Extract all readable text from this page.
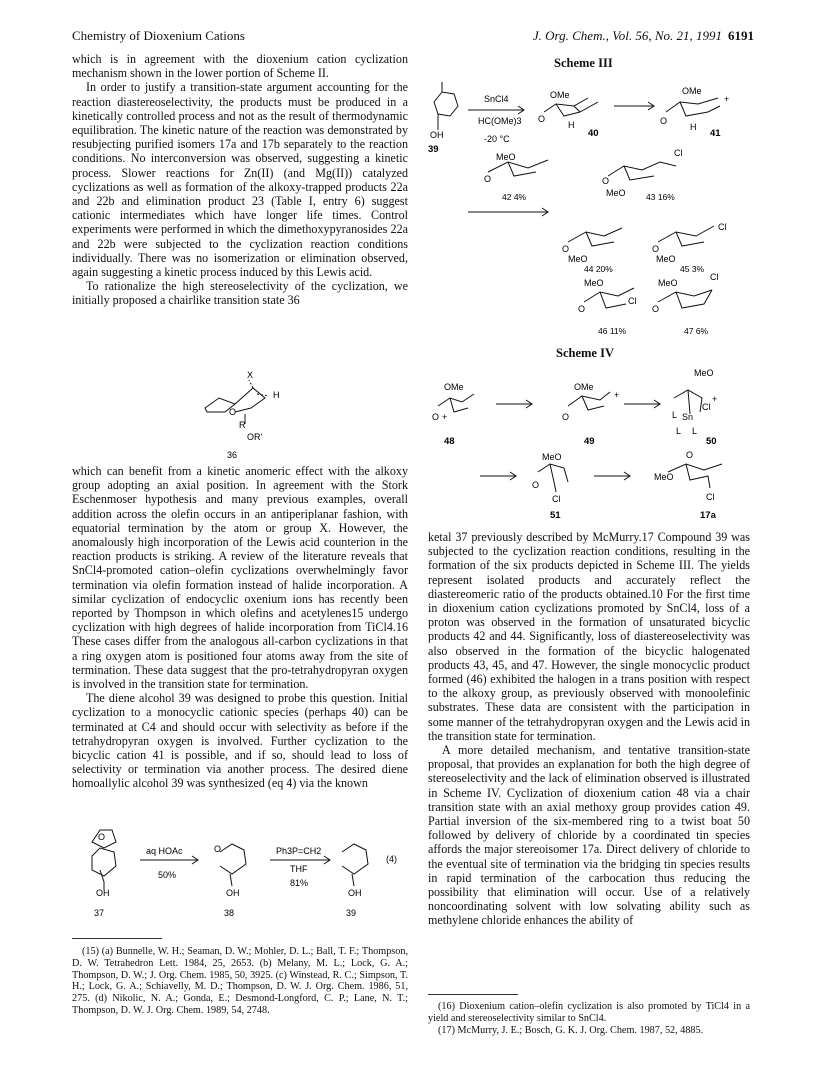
Chemistry of Dioxenium Cations	J. Org. Chem., Vol. 56, No. 21, 1991 6191

which is in agreement with the dioxenium cation cyclization mechanism shown in the lower portion of Scheme II.

In order to justify a transition-state argument accounting for the reaction diastereoselectivity, the products must be produced in a kinetically controlled process and not as the result of thermodynamic equilibration. The kinetic nature of the reaction was demonstrated by resubjecting purified isomers 17a and 17b separately to the reaction conditions. No interconversion was observed, suggesting a kinetic process. Slower reactions for Zn(II) (and Mg(II)) catalyzed cyclizations as well as formation of the alkoxy-trapped products 22a and 22b and elimination product 23 (Table I, entry 6) suggest cationic intermediates which have longer life times. Control experiments were performed in which the dimethoxypyranosides 22a and 22b were subjected to the cyclization reaction conditions individually. There was no isomerization or elimination observed, again suggesting a kinetic process induced by this Lewis acid.

To rationalize the high stereoselectivity of the cyclization, we initially proposed a chairlike transition state 36

X
H
O
R
OR'
36

which can benefit from a kinetic anomeric effect with the alkoxy group adopting an axial position. In agreement with the Stork Eschenmoser hypothesis and many previous examples, overall addition across the olefin occurs in an antiperiplanar fashion, with equatorial termination by the atom or group X. However, the anomalously high incorporation of the Lewis acid counterion in the reaction products is striking. A review of the literature reveals that SnCl4-promoted cation–olefin cyclizations overwhelmingly favor termination via olefin formation instead of halide incorporation. A similar cyclization of endocyclic oxenium ions has recently been reported by Thompson in which olefins and acetylenes15 undergo cyclization with high degrees of halide incorporation from TiCl4.16 These cases differ from the analogous all-carbon cyclizations in that a ring oxygen atom is positioned four atoms away from the site of termination. These data suggest that the pro-tetrahydropyran oxygen is involved in the transition state for termination.

The diene alcohol 39 was designed to probe this question. Initial cyclization to a monocyclic cationic species (perhaps 40) can be terminated at C4 and should occur with selectivity as before if the tetrahydropyran oxygen is involved. Further cyclization to the bicyclic cation 41 is possible, and if so, should lead to loss of selectivity or termination via another process. The desired diene homoallylic alcohol 39 was synthesized (eq 4) via the known

O
OH
aq HOAc
50%
O
OH
Ph3P=CH2
THF
81%
OH
(4)
37	38	39

(15) (a) Bunnelle, W. H.; Seaman, D. W.; Mohler, D. L.; Ball, T. F.; Thompson, D. W. Tetrahedron Lett. 1984, 25, 2653. (b) Melany, M. L.; Lock, G. A.; Thompson, D. W.; J. Org. Chem. 1985, 50, 3925. (c) Winstead, R. C.; Simpson, T. H.; Lock, G. A.; Schiavelly, M. D.; Thompson, D. W. J. Org. Chem. 1986, 51, 275. (d) Nikolic, N. A.; Gonda, E.; Desmond-Longford, C. P.; Lane, N. T.; Thompson, D. W. J. Org. Chem. 1989, 54, 2748.

Scheme III
SnCl4
HC(OMe)3
-20 °C
OH
39
OMe
O
H
40
OMe
+
O
H
41
MeO
O
42 4%
Cl
O
MeO 43 16%
O
MeO
44 20%
Cl
O
MeO
45 3%
MeO
O
Cl
46 11%
MeO
O
Cl
47 6%
Scheme IV
OMe
O +
48
OMe
+
O
49
MeO
+
Cl
Sn
L
L L
50
MeO
O
Cl
51
O
MeO
Cl
17a

ketal 37 previously described by McMurry.17 Compound 39 was subjected to the cyclization reaction conditions, resulting in the formation of the six products depicted in Scheme III. The yields represent isolated products and accurately reflect the diastereomeric ratio of the products obtained.10 For the first time in dioxenium cation cyclizations promoted by SnCl4, loss of a proton was observed in the formation of unsaturated bicyclic products 42 and 44. Significantly, loss of diastereoselectivity was also observed in the formation of the bicyclic halogenated products 43, 45, and 47. However, the single monocyclic product formed (46) exhibited the halogen in a trans position with respect to the alkoxy group, as previously observed with monoolefinic substrates. These data are consistent with the participation in some manner of the tetrahydropyran oxygen and the Lewis acid in the transition state for termination.

A more detailed mechanism, and tentative transition-state proposal, that provides an explanation for both the high degree of stereoselectivity and the lack of elimination observed is illustrated in Scheme IV. Cyclization of dioxenium cation 48 via a chair transition state with an axial methoxy group provides cation 49. Partial inversion of the six-membered ring to a twist boat 50 followed by delivery of chloride by a coordinated tin species affords the major stereoisomer 17a. Direct delivery of chloride to the eventual site of termination via the bridging tin species results in rapid termination of the carbocation thus reducing the possibility that elimination will occur. Use of a relatively noncoordinating solvent with low solvating ability such as methylene chloride enhances the ability of

(16) Dioxenium cation–olefin cyclization is also promoted by TiCl4 in a yield and stereoselectivity similar to SnCl4.

(17) McMurry, J. E.; Bosch, G. K. J. Org. Chem. 1987, 52, 4885.
